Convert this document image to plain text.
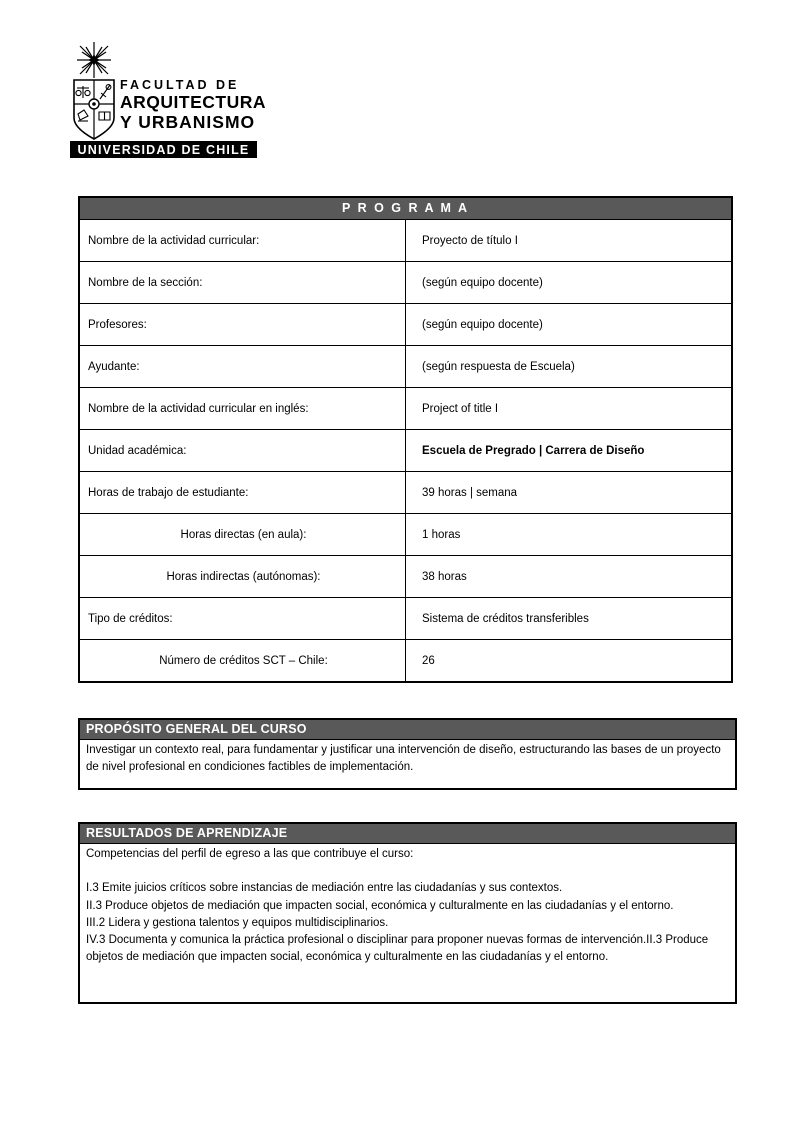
FACULTAD DE
ARQUITECTURA
Y URBANISMO
UNIVERSIDAD DE CHILE
P R O G R A M A	
Nombre de la actividad curricular:	Proyecto de título I
Nombre de la sección:	(según equipo docente)
Profesores:	(según equipo docente)
Ayudante:	(según respuesta de Escuela)
Nombre de la actividad curricular en inglés:	Project of title I
Unidad académica:	Escuela de Pregrado | Carrera de Diseño
Horas de trabajo de estudiante:	39 horas | semana
Horas directas (en aula):	1 horas
Horas indirectas (autónomas):	38 horas
Tipo de créditos:	Sistema de créditos transferibles
Número de créditos SCT – Chile:	26
PROPÓSITO GENERAL DEL CURSO
Investigar un contexto real, para fundamentar y justificar una intervención de diseño, estructurando las bases de un proyecto de nivel profesional en condiciones factibles de implementación.
RESULTADOS DE APRENDIZAJE
Competencias del perfil de egreso a las que contribuye el curso:

I.3 Emite juicios críticos sobre instancias de mediación entre las ciudadanías y sus contextos.
II.3 Produce objetos de mediación que impacten social, económica y culturalmente en las ciudadanías y el entorno.
III.2 Lidera y gestiona talentos y equipos multidisciplinarios.
IV.3 Documenta y comunica la práctica profesional o disciplinar para proponer nuevas formas de intervención.II.3 Produce objetos de mediación que impacten social, económica y culturalmente en las ciudadanías y el entorno.
